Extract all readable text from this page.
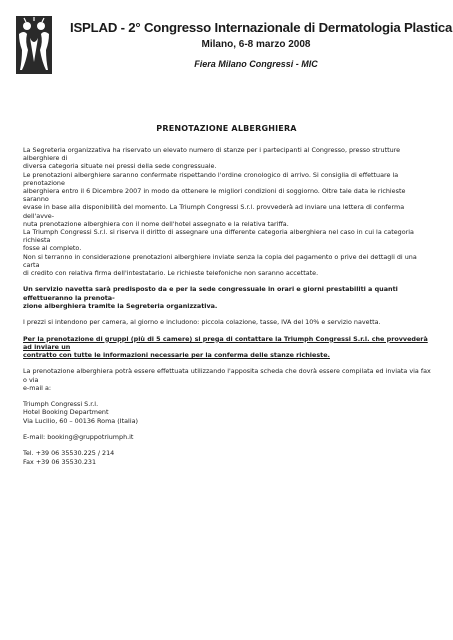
ISPLAD - 2° Congresso Internazionale di Dermatologia Plastica
Milano, 6-8 marzo 2008
Fiera Milano Congressi - MIC
PRENOTAZIONE ALBERGHIERA

La Segreteria organizzativa ha riservato un elevato numero di stanze per i partecipanti al Congresso, presso strutture alberghiere di

diversa categoria situate nei pressi della sede congressuale.

Le prenotazioni alberghiere saranno confermate rispettando l'ordine cronologico di arrivo. Si consiglia di effettuare la prenotazione

alberghiera entro il 6 Dicembre 2007 in modo da ottenere le migliori condizioni di soggiorno. Oltre tale data le richieste saranno

evase in base alla disponibilità del momento. La Triumph Congressi S.r.l. provvederà ad inviare una lettera di conferma dell'avve-

nuta prenotazione alberghiera con il nome dell'hotel assegnato e la relativa tariffa.

La Triumph Congressi S.r.l. si riserva il diritto di assegnare una differente categoria alberghiera nel caso in cui la categoria richiesta

fosse al completo.

Non si terranno in considerazione prenotazioni alberghiere inviate senza la copia del pagamento o prive dei dettagli di una carta

di credito con relativa firma dell'intestatario. Le richieste telefoniche non saranno accettate.

Un servizio navetta sarà predisposto da e per la sede congressuale in orari e giorni prestabiliti a quanti effettueranno la prenota-

zione alberghiera tramite la Segreteria organizzativa.

I prezzi si intendono per camera, al giorno e includono: piccola colazione, tasse, IVA del 10% e servizio navetta.

Per la prenotazione di gruppi (più di 5 camere) si prega di contattare la Triumph Congressi S.r.l. che provvederà ad inviare un

contratto con tutte le informazioni necessarie per la conferma delle stanze richieste.

La prenotazione alberghiera potrà essere effettuata utilizzando l'apposita scheda che dovrà essere compilata ed inviata via fax o via

e-mail a:

Triumph Congressi S.r.l.

Hotel Booking Department

Via Lucilio, 60 – 00136 Roma (Italia)

E-mail: booking@gruppotriumph.it

Tel. +39 06 35530.225 / 214

Fax +39 06 35530.231
